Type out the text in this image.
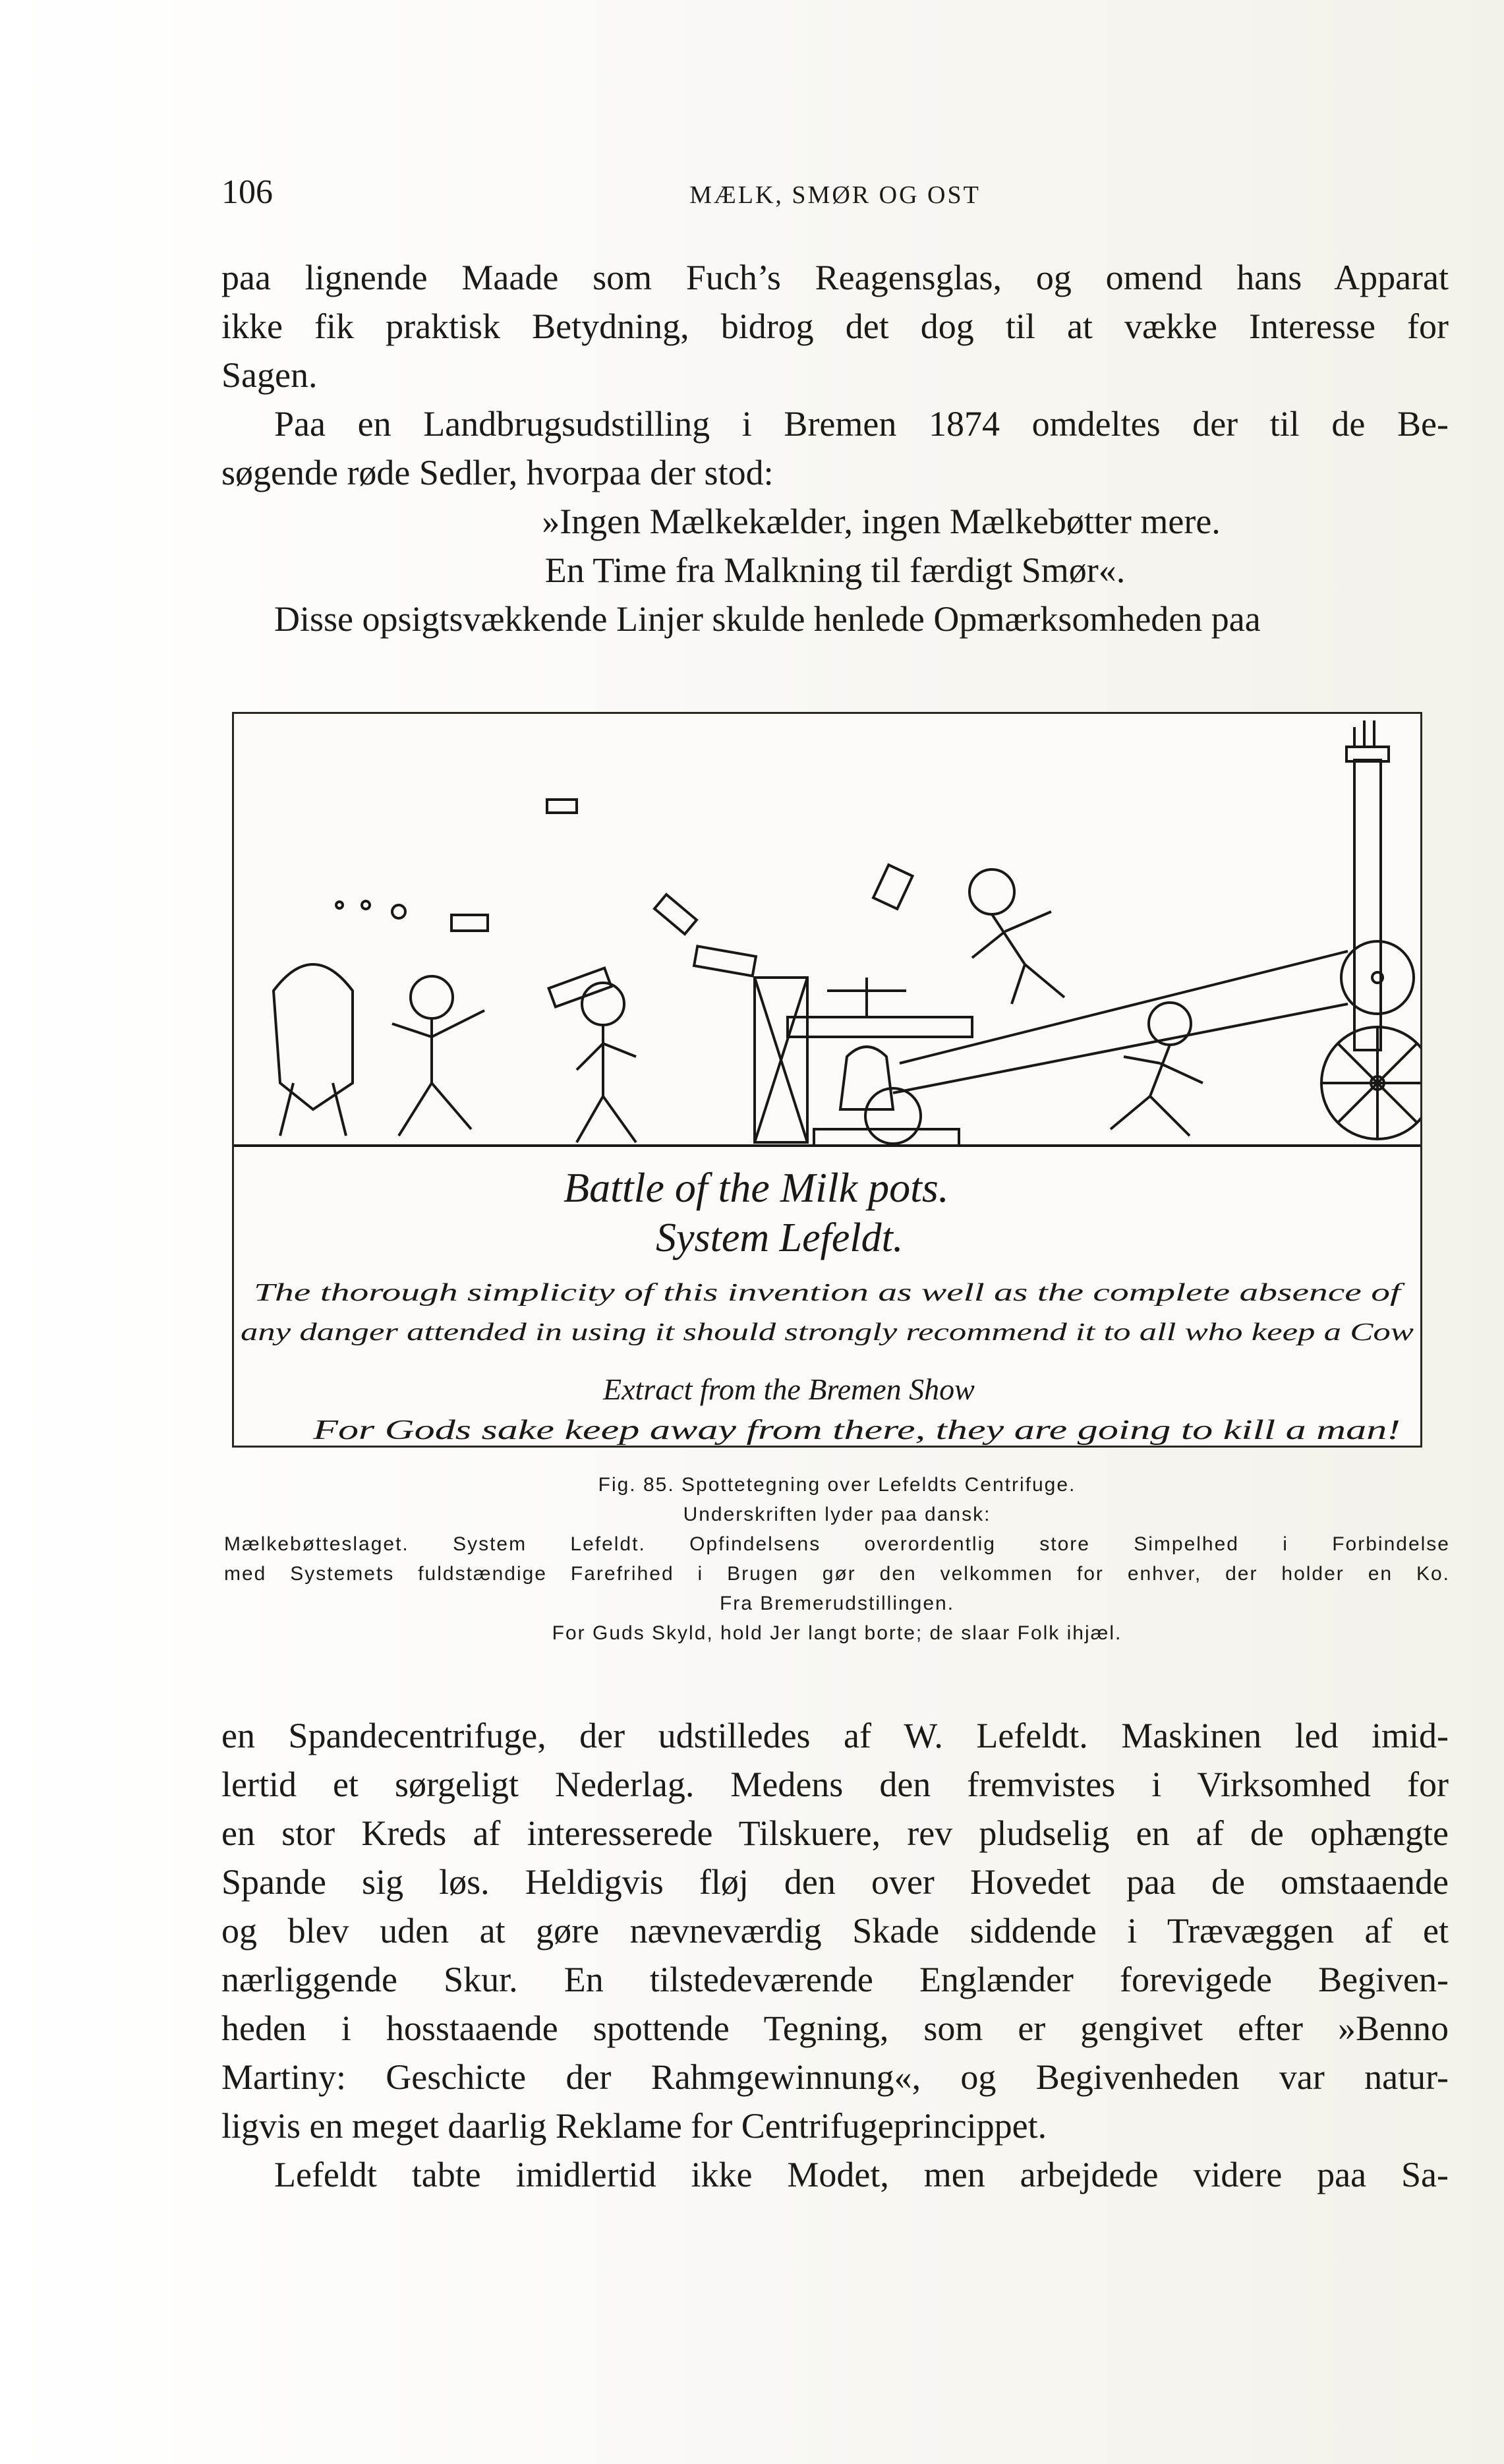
106	MÆLK, SMØR OG OST

paa lignende Maade som Fuch’s Reagensglas, og omend hans Apparat

ikke fik praktisk Betydning, bidrog det dog til at vække Interesse for

Sagen.

Paa en Landbrugsudstilling i Bremen 1874 omdeltes der til de Be-

søgende røde Sedler, hvorpaa der stod:

»Ingen Mælkekælder, ingen Mælkebøtter mere.

En Time fra Malkning til færdigt Smør«.

Disse opsigtsvækkende Linjer skulde henlede Opmærksomheden paa

Battle of the Milk pots.
System Lefeldt.
The thorough simplicity of this invention as well as the complete absence of
any danger attended in using it should strongly recommend it to all who keep a Cow
Extract from the Bremen Show
For Gods sake keep away from there, they are going to kill a man!
Fig. 85. Spottetegning over Lefeldts Centrifuge.
Underskriften lyder paa dansk:
Mælkebøtteslaget. System Lefeldt. Opfindelsens overordentlig store Simpelhed i Forbindelse
med Systemets fuldstændige Farefrihed i Brugen gør den velkommen for enhver, der holder en Ko.
Fra Bremerudstillingen.
For Guds Skyld, hold Jer langt borte; de slaar Folk ihjæl.

en Spandecentrifuge, der udstilledes af W. Lefeldt. Maskinen led imid-

lertid et sørgeligt Nederlag. Medens den fremvistes i Virksomhed for

en stor Kreds af interesserede Tilskuere, rev pludselig en af de ophængte

Spande sig løs. Heldigvis fløj den over Hovedet paa de omstaaende

og blev uden at gøre nævneværdig Skade siddende i Trævæggen af et

nærliggende Skur. En tilstedeværende Englænder forevigede Begiven-

heden i hosstaaende spottende Tegning, som er gengivet efter »Benno

Martiny: Geschicte der Rahmgewinnung«, og Begivenheden var natur-

ligvis en meget daarlig Reklame for Centrifugeprincippet.

Lefeldt tabte imidlertid ikke Modet, men arbejdede videre paa Sa-
